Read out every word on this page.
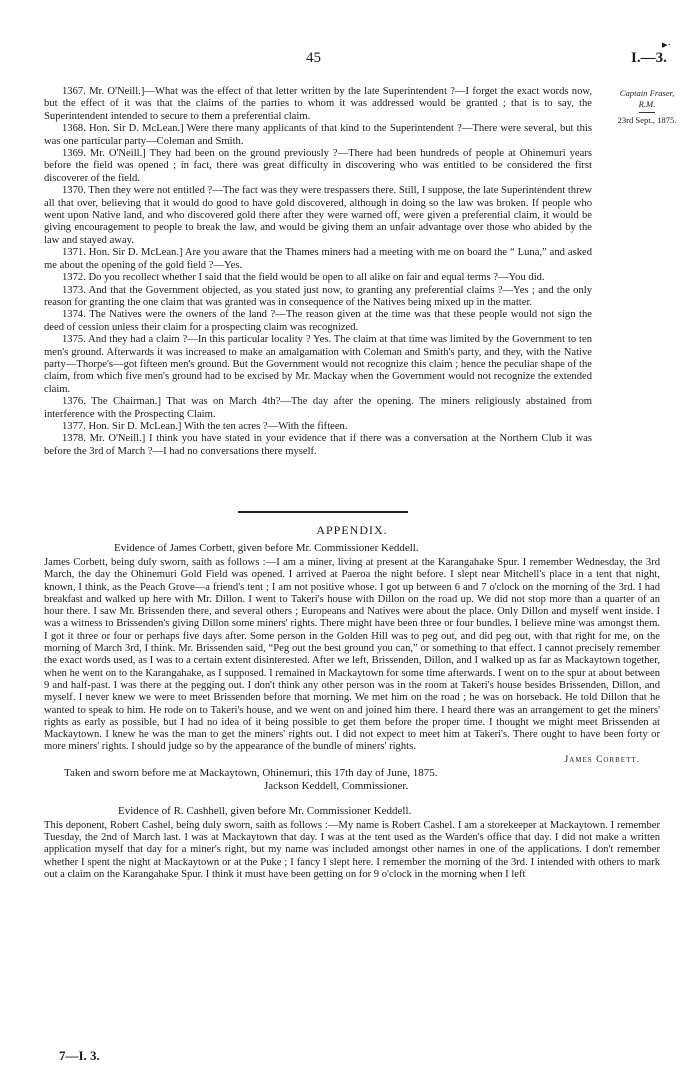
45	I.—3.
▸·
Captain Fraser,
R.M.
23rd Sept., 1875.

1367. Mr. O'Neill.]—What was the effect of that letter written by the late Superintendent ?—I forget the exact words now, but the effect of it was that the claims of the parties to whom it was addressed would be granted ; that is to say, the Superintendent intended to secure to them a preferential claim.

1368. Hon. Sir D. McLean.] Were there many applicants of that kind to the Superintendent ?—There were several, but this was one particular party—Coleman and Smith.

1369. Mr. O'Neill.] They had been on the ground previously ?—There had been hundreds of people at Ohinemuri years before the field was opened ; in fact, there was great difficulty in discovering who was entitled to be considered the first discoverer of the field.

1370. Then they were not entitled ?—The fact was they were trespassers there. Still, I suppose, the late Superintendent threw all that over, believing that it would do good to have gold discovered, although in doing so the law was broken. If people who went upon Native land, and who discovered gold there after they were warned off, were given a preferential claim, it would be giving encouragement to people to break the law, and would be giving them an unfair advantage over those who abided by the law and stayed away.

1371. Hon. Sir D. McLean.] Are you aware that the Thames miners had a meeting with me on board the “ Luna,” and asked me about the opening of the gold field ?—Yes.

1372. Do you recollect whether I said that the field would be open to all alike on fair and equal terms ?—You did.

1373. And that the Government objected, as you stated just now, to granting any preferential claims ?—Yes ; and the only reason for granting the one claim that was granted was in consequence of the Natives being mixed up in the matter.

1374. The Natives were the owners of the land ?—The reason given at the time was that these people would not sign the deed of cession unless their claim for a prospecting claim was recognized.

1375. And they had a claim ?—In this particular locality ? Yes. The claim at that time was limited by the Government to ten men's ground. Afterwards it was increased to make an amalgamation with Coleman and Smith's party, and they, with the Native party—Thorpe's—got fifteen men's ground. But the Government would not recognize this claim ; hence the peculiar shape of the claim, from which five men's ground had to be excised by Mr. Mackay when the Government would not recognize the extended claim.

1376. The Chairman.] That was on March 4th?—The day after the opening. The miners religiously abstained from interference with the Prospecting Claim.

1377. Hon. Sir D. McLean.] With the ten acres ?—With the fifteen.

1378. Mr. O'Neill.] I think you have stated in your evidence that if there was a conversation at the Northern Club it was before the 3rd of March ?—I had no conversations there myself.

APPENDIX.

Evidence of James Corbett, given before Mr. Commissioner Keddell.

James Corbett, being duly sworn, saith as follows :—I am a miner, living at present at the Karangahake Spur. I remember Wednesday, the 3rd March, the day the Ohinemuri Gold Field was opened. I arrived at Paeroa the night before. I slept near Mitchell's place in a tent that night, known, I think, as the Peach Grove—a friend's tent ; I am not positive whose. I got up between 6 and 7 o'clock on the morning of the 3rd. I had breakfast and walked up here with Mr. Dillon. I went to Takeri's house with Dillon on the road up. We did not stop more than a quarter of an hour there. I saw Mr. Brissenden there, and several others ; Europeans and Natives were about the place. Only Dillon and myself went inside. I was a witness to Brissenden's giving Dillon some miners' rights. There might have been three or four bundles. I believe mine was amongst them. I got it three or four or perhaps five days after. Some person in the Golden Hill was to peg out, and did peg out, with that right for me, on the morning of March 3rd, I think. Mr. Brissenden said, “Peg out the best ground you can,” or something to that effect. I cannot precisely remember the exact words used, as I was to a certain extent disinterested. After we left, Brissenden, Dillon, and I walked up as far as Mackaytown together, when he went on to the Karangahake, as I supposed. I remained in Mackaytown for some time afterwards. I went on to the spur at about between 9 and half-past. I was there at the pegging out. I don't think any other person was in the room at Takeri's house besides Brissenden, Dillon, and myself. I never knew we were to meet Brissenden before that morning. We met him on the road ; he was on horseback. He told Dillon that he wanted to speak to him. He rode on to Takeri's house, and we went on and joined him there. I heard there was an arrangement to get the miners' rights as early as possible, but I had no idea of it being possible to get them before the proper time. I thought we might meet Brissenden at Mackaytown. I knew he was the man to get the miners' rights out. I did not expect to meet him at Takeri's. There ought to have been forty or more miners' rights. I should judge so by the appearance of the bundle of miners' rights.

James Corbett.

Taken and sworn before me at Mackaytown, Ohinemuri, this 17th day of June, 1875.

Jackson Keddell, Commissioner.

Evidence of R. Cashhell, given before Mr. Commissioner Keddell.

This deponent, Robert Cashel, being duly sworn, saith as follows :—My name is Robert Cashel. I am a storekeeper at Mackaytown. I remember Tuesday, the 2nd of March last. I was at Mackaytown that day. I was at the tent used as the Warden's office that day. I did not make a written application myself that day for a miner's right, but my name was included amongst other names in one of the applications. I don't remember whether I spent the night at Mackaytown or at the Puke ; I fancy I slept here. I remember the morning of the 3rd. I intended with others to mark out a claim on the Karangahake Spur. I think it must have been getting on for 9 o'clock in the morning when I left

7—I. 3.
